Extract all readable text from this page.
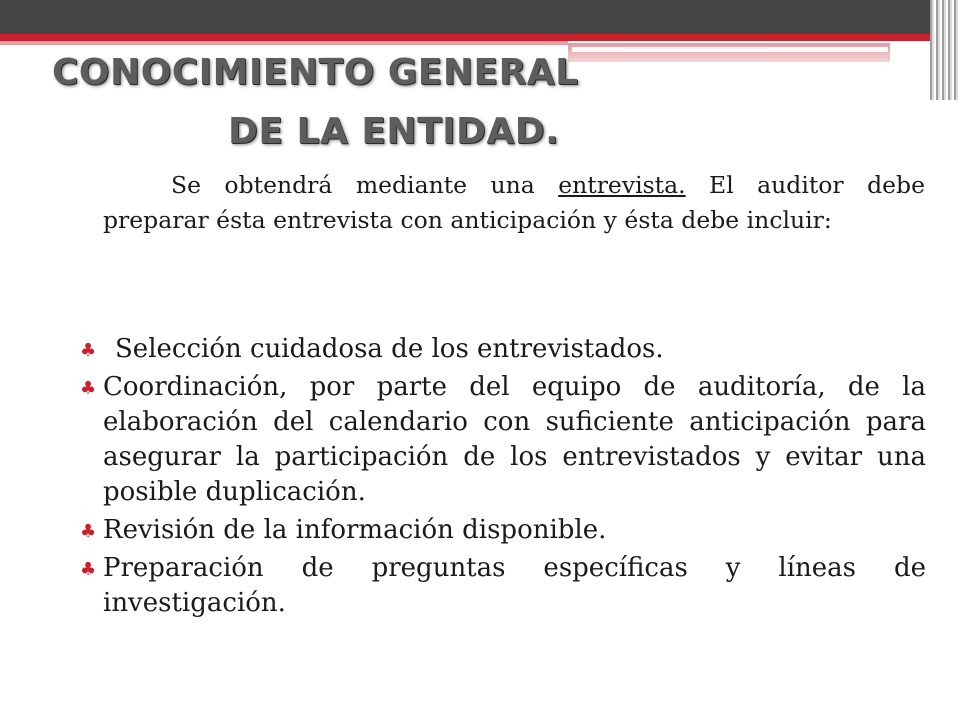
CONOCIMIENTO GENERAL
DE LA ENTIDAD.

Se obtendrá mediante una entrevista. El auditor debe preparar ésta entrevista con anticipación y ésta debe incluir:

♣ Selección cuidadosa de los entrevistados.
♣ Coordinación, por parte del equipo de auditoría, de la elaboración del calendario con suficiente anticipación para asegurar la participación de los entrevistados y evitar una posible duplicación.
♣ Revisión de la información disponible.
♣ Preparación de preguntas específicas y líneas de investigación.
